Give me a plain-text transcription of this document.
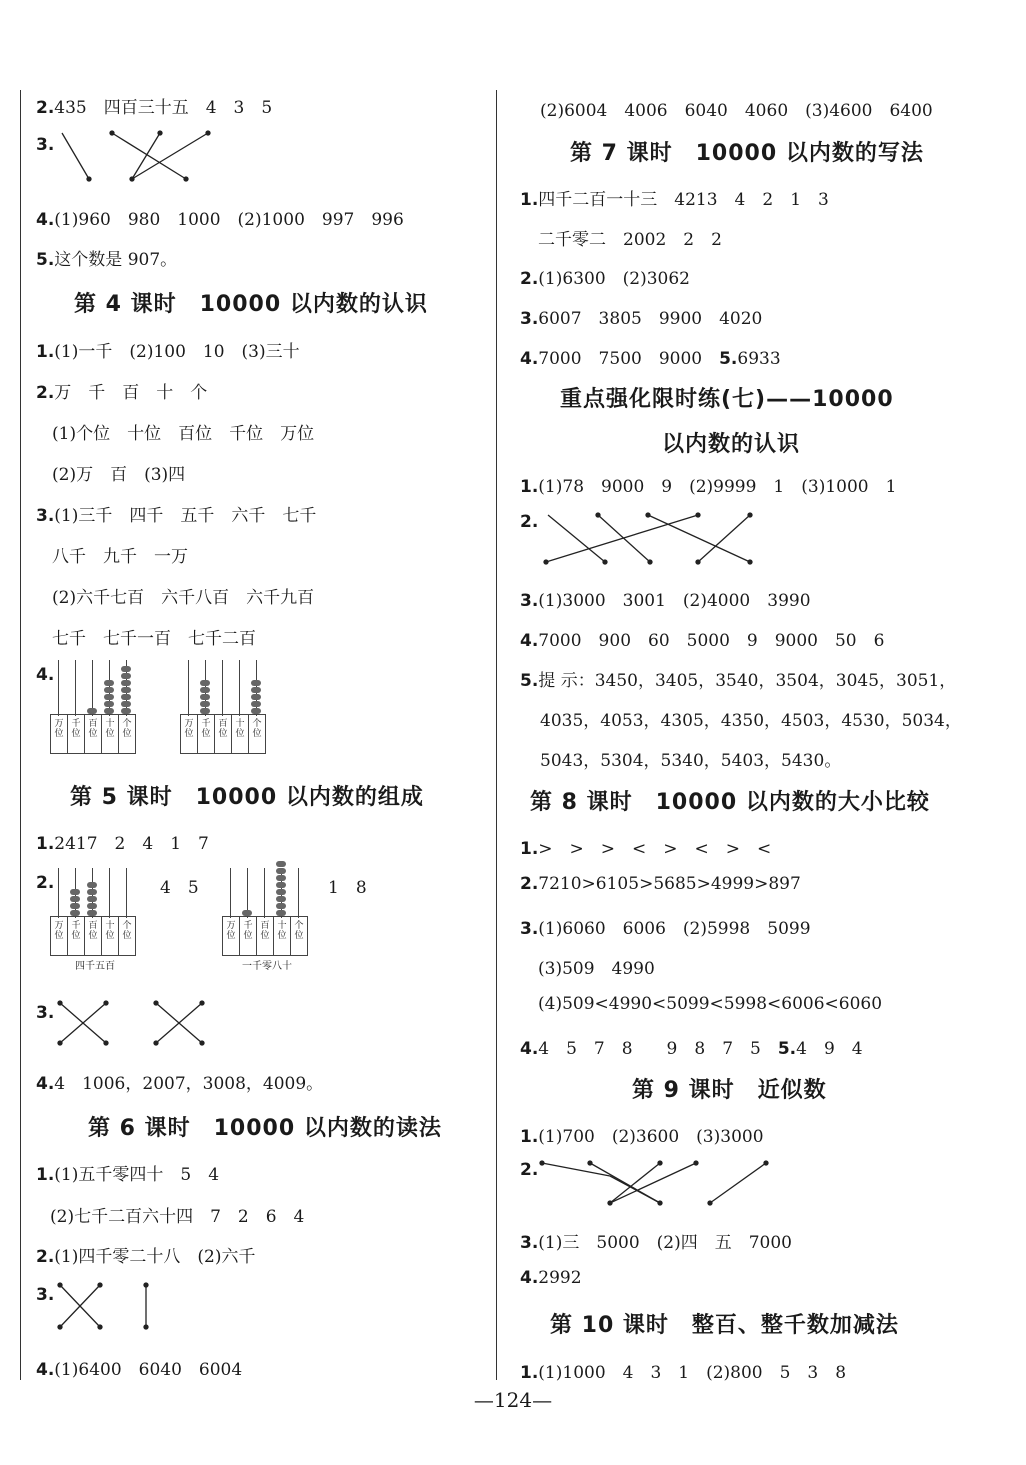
2.435　四百三十五　4　3　5
3.
4.(1)960　980　1000　(2)1000　997　996
5.这个数是 907。
第 4 课时　10000 以内数的认识
1.(1)一千　(2)100　10　(3)三十
2.万　千　百　十　个
(1)个位　十位　百位　千位　万位
(2)万　百　(3)四
3.(1)三千　四千　五千　六千　七千
八千　九千　一万
(2)六千七百　六千八百　六千九百
七千　七千一百　七千二百
4.
万位
千位
百位
十位
个位
万位
千位
百位
十位
个位
第 5 课时　10000 以内数的组成
1.2417　2　4　1　7
2.	4　5	1　8
万位
千位
百位
十位
个位
四千五百
万位
千位
百位
十位
个位
一千零八十
3.
4.4　1006，2007，3008，4009。
第 6 课时　10000 以内数的读法
1.(1)五千零四十　5　4
(2)七千二百六十四　7　2　6　4
2.(1)四千零二十八　(2)六千
3.
4.(1)6400　6040　6004
(2)6004　4006　6040　4060　(3)4600　6400
第 7 课时　10000 以内数的写法
1.四千二百一十三　4213　4　2　1　3
二千零二　2002　2　2
2.(1)6300　(2)3062
3.6007　3805　9900　4020
4.7000　7500　9000　5.6933
重点强化限时练(七)——10000
以内数的认识
1.(1)78　9000　9　(2)9999　1　(3)1000　1
2.
3.(1)3000　3001　(2)4000　3990
4.7000　900　60　5000　9　9000　50　6
5.提 示：3450，3405，3540，3504，3045，3051，
4035，4053，4305，4350，4503，4530，5034，
5043，5304，5340，5403，5430。
第 8 课时　10000 以内数的大小比较
1.>　>　>　<　>　<　>　<
2.7210>6105>5685>4999>897
3.(1)6060　6006　(2)5998　5099
(3)509　4990
(4)509<4990<5099<5998<6006<6060
4.4　5　7　8　　9　8　7　5　5.4　9　4
第 9 课时　近似数
1.(1)700　(2)3600　(3)3000
2.
3.(1)三　5000　(2)四　五　7000
4.2992
第 10 课时　整百、整千数加减法
1.(1)1000　4　3　1　(2)800　5　3　8
—124—
